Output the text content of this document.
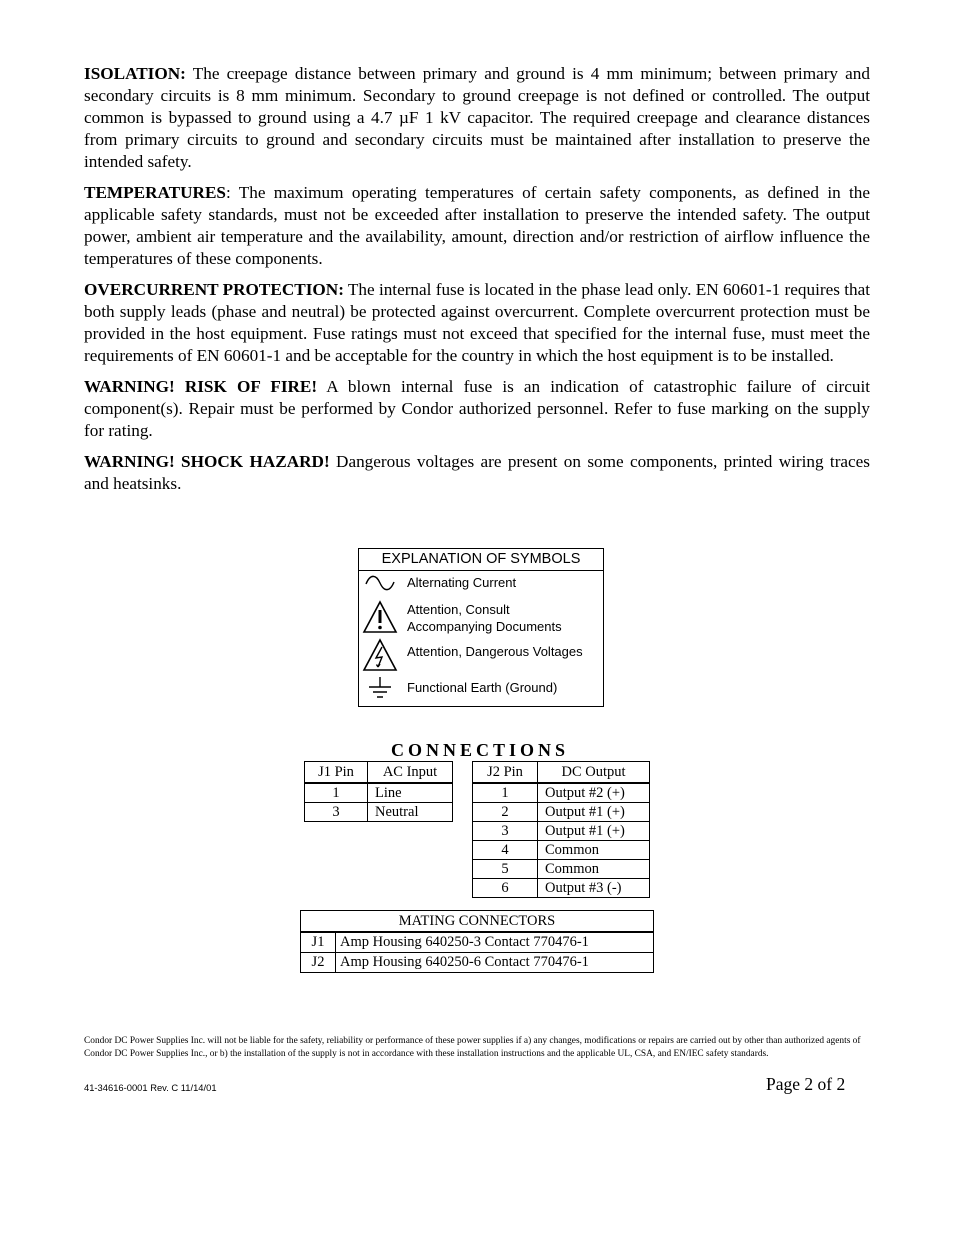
ISOLATION: The creepage distance between primary and ground is 4 mm minimum; between primary and secondary circuits is 8 mm minimum. Secondary to ground creepage is not defined or controlled. The output common is bypassed to ground using a 4.7 µF 1 kV capacitor. The required creepage and clearance distances from primary circuits to ground and secondary circuits must be maintained after installation to preserve the intended safety.

TEMPERATURES: The maximum operating temperatures of certain safety components, as defined in the applicable safety standards, must not be exceeded after installation to preserve the intended safety. The output power, ambient air temperature and the availability, amount, direction and/or restriction of airflow influence the temperatures of these components.

OVERCURRENT PROTECTION: The internal fuse is located in the phase lead only. EN 60601-1 requires that both supply leads (phase and neutral) be protected against overcurrent. Complete overcurrent protection must be provided in the host equipment. Fuse ratings must not exceed that specified for the internal fuse, must meet the requirements of EN 60601-1 and be acceptable for the country in which the host equipment is to be installed.

WARNING! RISK OF FIRE! A blown internal fuse is an indication of catastrophic failure of circuit component(s). Repair must be performed by Condor authorized personnel. Refer to fuse marking on the supply for rating.

WARNING! SHOCK HAZARD! Dangerous voltages are present on some components, printed wiring traces and heatsinks.

EXPLANATION OF SYMBOLS
Alternating Current
Attention, Consult
Accompanying Documents
Attention, Dangerous Voltages
Functional Earth (Ground)
CONNECTIONS
J1 Pin	AC Input
1	Line
3	Neutral
J2 Pin	DC Output
1	Output #2 (+)
2	Output #1 (+)
3	Output #1 (+)
4	Common
5	Common
6	Output #3 (-)
MATING CONNECTORS
J1	Amp Housing 640250-3 Contact 770476-1
J2	Amp Housing 640250-6 Contact 770476-1
Condor DC Power Supplies Inc. will not be liable for the safety, reliability or performance of these power supplies if a) any changes, modifications or repairs are carried out by other than authorized agents of Condor DC Power Supplies Inc., or b) the installation of the supply is not in accordance with these installation instructions and the applicable UL, CSA, and EN/IEC safety standards.
41-34616-0001 Rev. C 11/14/01	Page 2 of 2
